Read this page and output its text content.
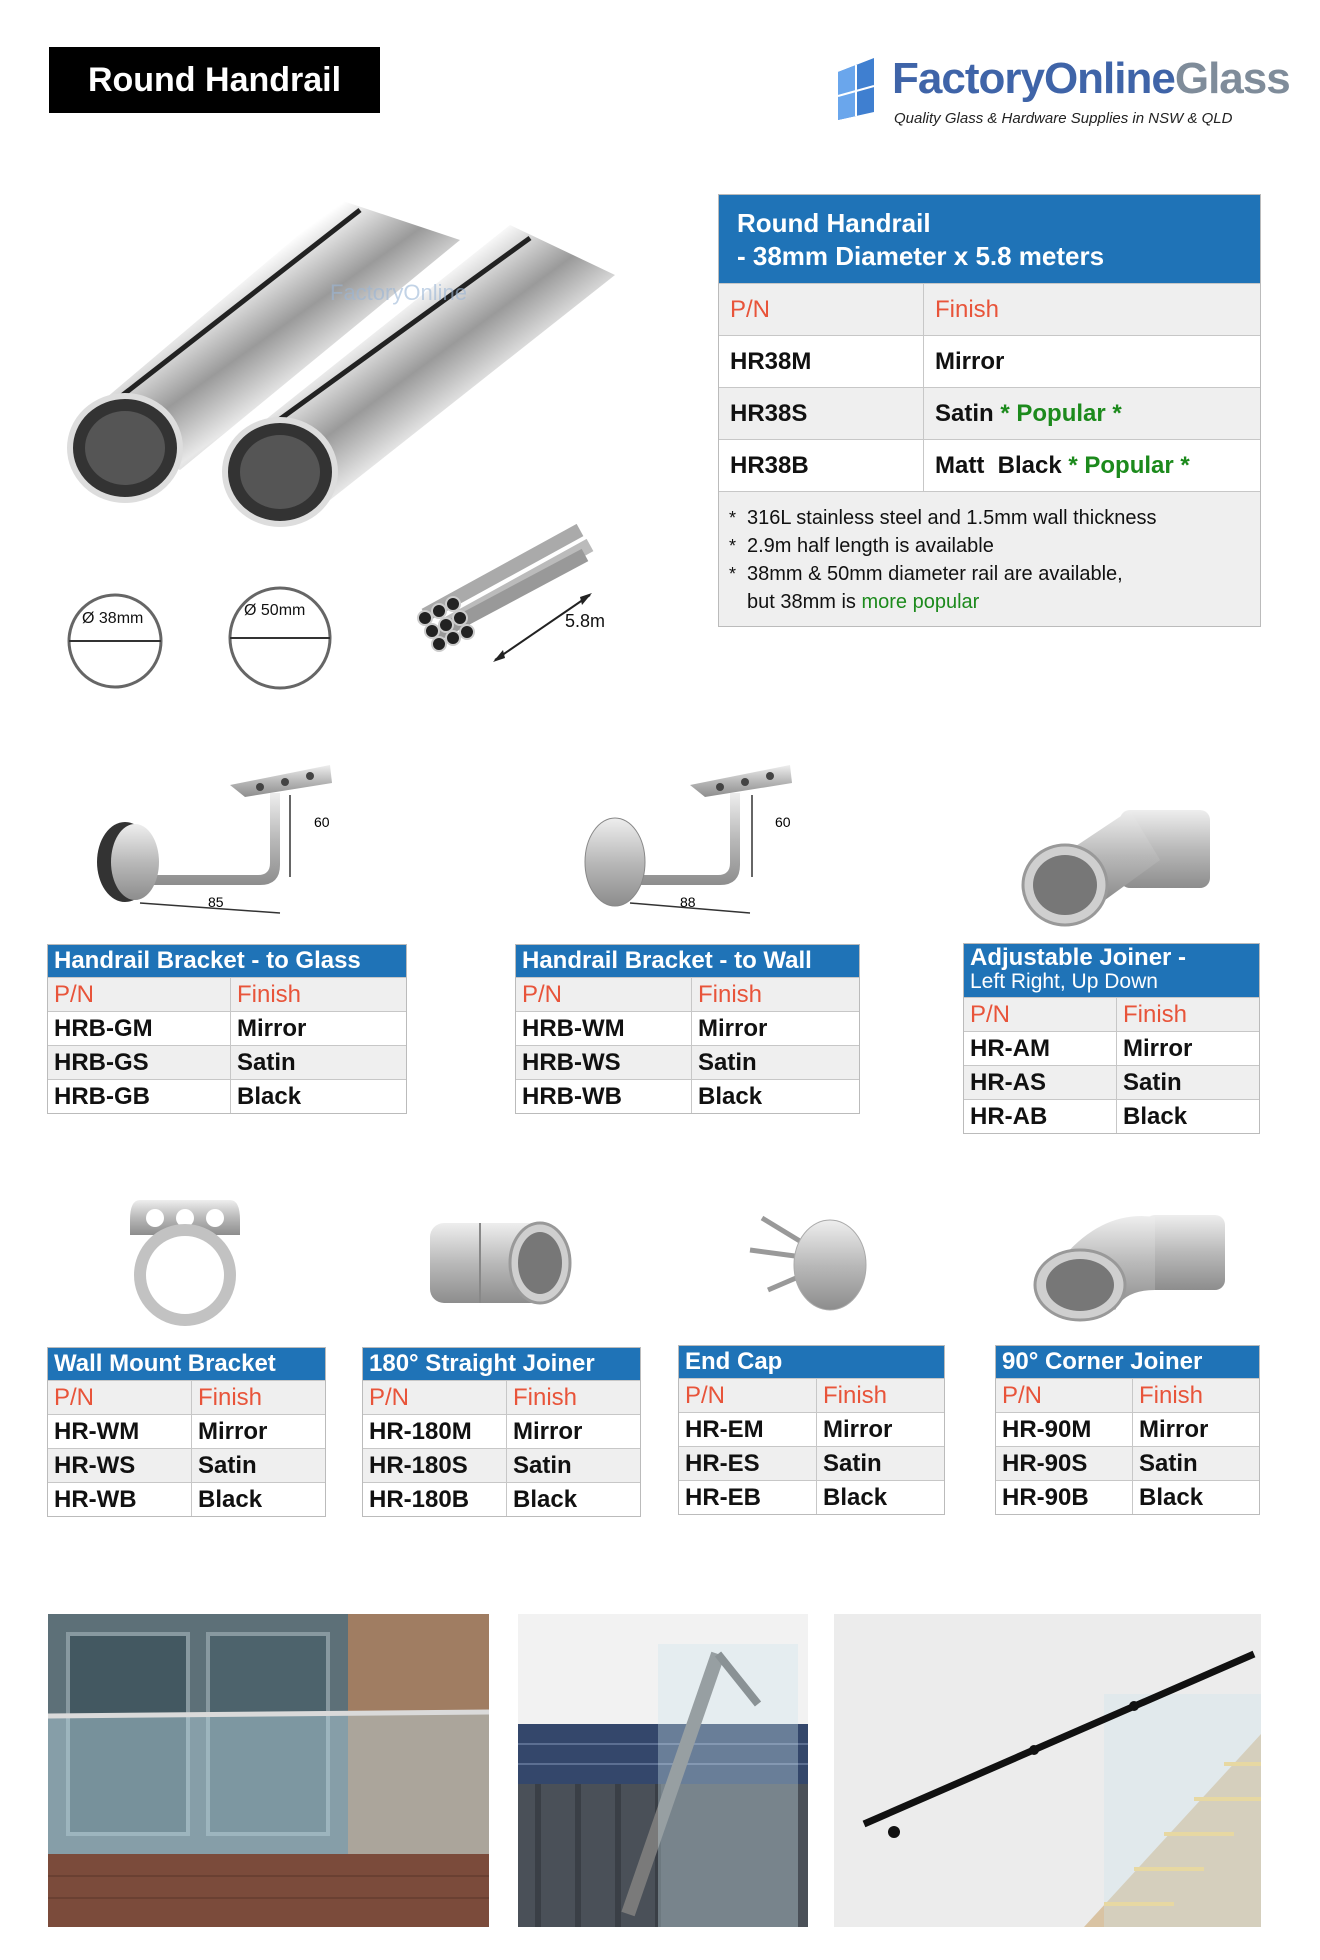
Round Handrail	FactoryOnlineGlass
Quality Glass & Hardware Supplies in NSW & QLD
FactoryOnline
Ø 38mm	Ø 50mm
5.8m
Round Handrail
- 38mm Diameter x 5.8 meters
P/N	Finish
HR38M	Mirror
HR38S	Satin * Popular *
HR38B	Matt  Black * Popular *
* 316L stainless steel and 1.5mm wall thickness
* 2.9m half length is available
* 38mm & 50mm diameter rail are available,
but 38mm is more popular
60
85
60
88
Handrail Bracket - to Glass
P/N	Finish
HRB-GM	Mirror
HRB-GS	Satin
HRB-GB	Black
Handrail Bracket - to Wall
P/N	Finish
HRB-WM	Mirror
HRB-WS	Satin
HRB-WB	Black
Adjustable Joiner -
Left Right, Up Down
P/N	Finish
HR-AM	Mirror
HR-AS	Satin
HR-AB	Black
Wall Mount Bracket
P/N	Finish
HR-WM	Mirror
HR-WS	Satin
HR-WB	Black
180° Straight Joiner
P/N	Finish
HR-180M	Mirror
HR-180S	Satin
HR-180B	Black
End Cap
P/N	Finish
HR-EM	Mirror
HR-ES	Satin
HR-EB	Black
90° Corner Joiner
P/N	Finish
HR-90M	Mirror
HR-90S	Satin
HR-90B	Black
